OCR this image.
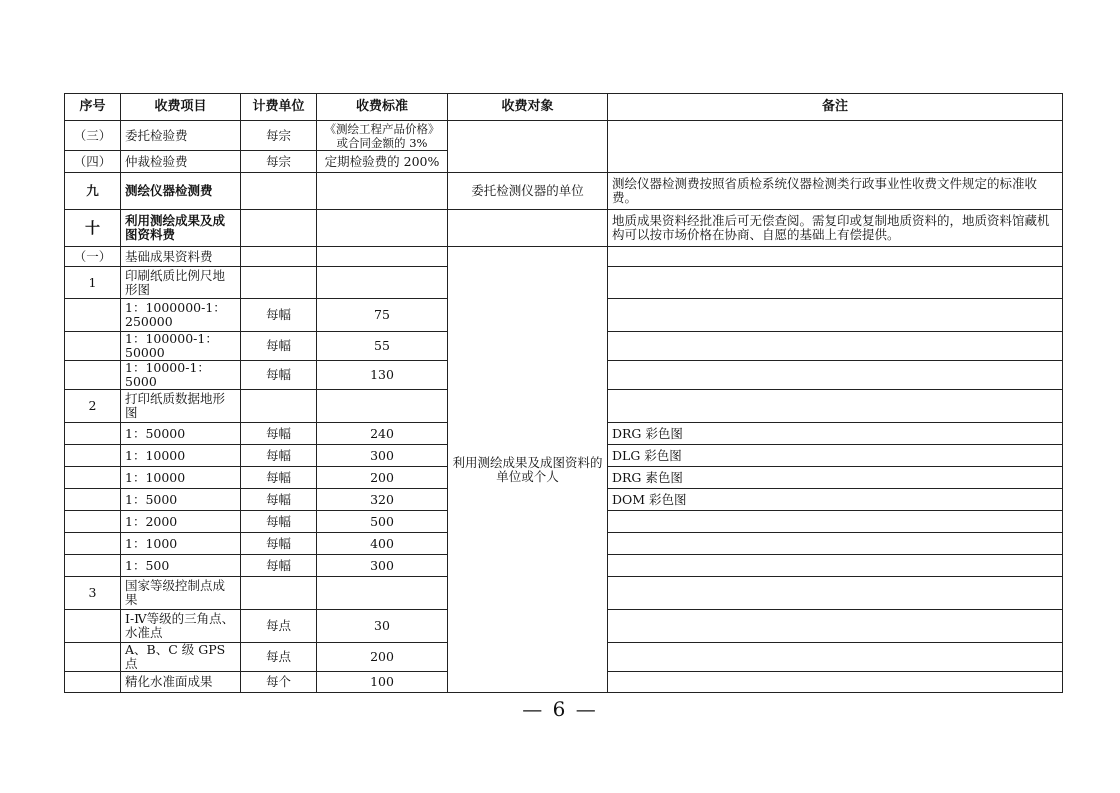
序号	收费项目	计费单位	收费标准	收费对象	备注
（三）	委托检验费	每宗	《测绘工程产品价格》或合同金额的 3%		
（四）	仲裁检验费	每宗	定期检验费的 200%		
九	测绘仪器检测费			委托检测仪器的单位	测绘仪器检测费按照省质检系统仪器检测类行政事业性收费文件规定的标准收费。
十	利用测绘成果及成图资料费				地质成果资料经批准后可无偿查阅。需复印或复制地质资料的，地质资料馆藏机构可以按市场价格在协商、自愿的基础上有偿提供。
（一）	基础成果资料费			利用测绘成果及成图资料的单位或个人	
1	印刷纸质比例尺地形图				
	1：1000000-1：250000	每幅	75		
	1：100000-1：50000	每幅	55		
	1：10000-1：5000	每幅	130		
2	打印纸质数据地形图				
	1：50000	每幅	240		DRG 彩色图
	1：10000	每幅	300		DLG 彩色图
	1：10000	每幅	200		DRG 素色图
	1：5000	每幅	320		DOM 彩色图
	1：2000	每幅	500		
	1：1000	每幅	400		
	1：500	每幅	300		
3	国家等级控制点成果				
	Ⅰ-Ⅳ等级的三角点、水准点	每点	30		
	A、B、C 级 GPS 点	每点	200		
	精化水准面成果	每个	100		
— 6 —
